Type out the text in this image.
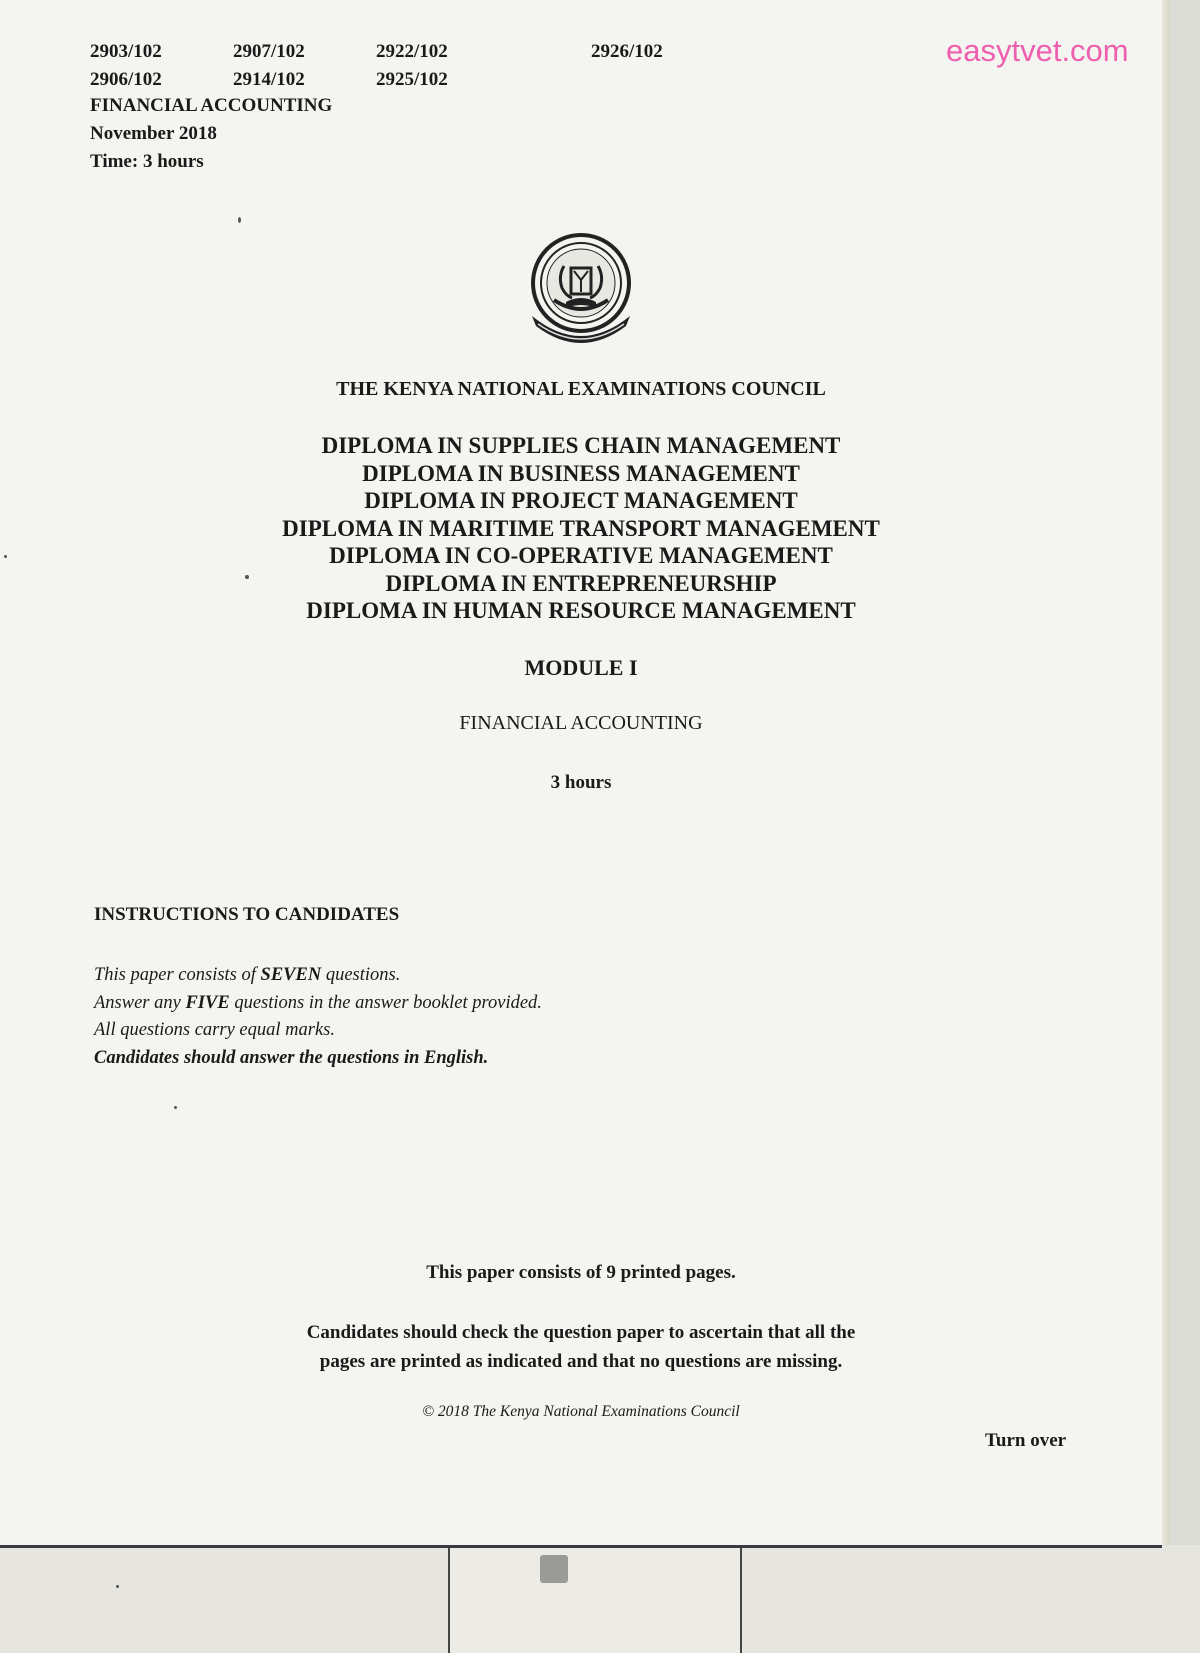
2903/102	2907/102	2922/102	2926/102
2906/102	2914/102	2925/102
FINANCIAL ACCOUNTING
November 2018
Time: 3 hours
easytvet.com
THE KENYA NATIONAL EXAMINATIONS COUNCIL
DIPLOMA IN SUPPLIES CHAIN MANAGEMENT
DIPLOMA IN BUSINESS MANAGEMENT
DIPLOMA IN PROJECT MANAGEMENT
DIPLOMA IN MARITIME TRANSPORT MANAGEMENT
DIPLOMA IN CO-OPERATIVE MANAGEMENT
DIPLOMA IN ENTREPRENEURSHIP
DIPLOMA IN HUMAN RESOURCE MANAGEMENT
MODULE I
FINANCIAL ACCOUNTING
3 hours
INSTRUCTIONS TO CANDIDATES
This paper consists of SEVEN questions.
Answer any FIVE questions in the answer booklet provided.
All questions carry equal marks.
Candidates should answer the questions in English.
This paper consists of 9 printed pages.
Candidates should check the question paper to ascertain that all the
pages are printed as indicated and that no questions are missing.
© 2018 The Kenya National Examinations Council
Turn over
